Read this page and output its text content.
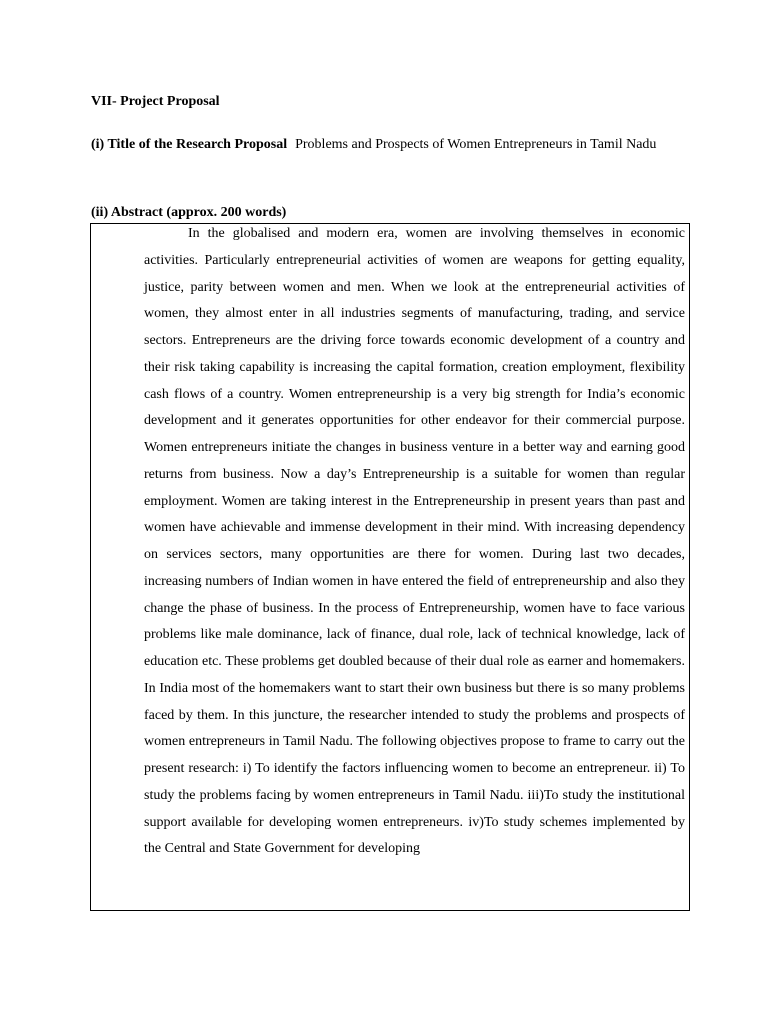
VII- Project Proposal
(i) Title of the Research Proposal Problems and Prospects of Women Entrepreneurs in Tamil Nadu
(ii) Abstract (approx. 200 words)

In the globalised and modern era, women are involving themselves in economic activities. Particularly entrepreneurial activities of women are weapons for getting equality, justice, parity between women and men. When we look at the entrepreneurial activities of women, they almost enter in all industries segments of manufacturing, trading, and service sectors. Entrepreneurs are the driving force towards economic development of a country and their risk taking capability is increasing the capital formation, creation employment, flexibility cash flows of a country. Women entrepreneurship is a very big strength for India’s economic development and it generates opportunities for other endeavor for their commercial purpose. Women entrepreneurs initiate the changes in business venture in a better way and earning good returns from business. Now a day’s Entrepreneurship is a suitable for women than regular employment. Women are taking interest in the Entrepreneurship in present years than past and women have achievable and immense development in their mind. With increasing dependency on services sectors, many opportunities are there for women. During last two decades, increasing numbers of Indian women in have entered the field of entrepreneurship and also they change the phase of business. In the process of Entrepreneurship, women have to face various problems like male dominance, lack of finance, dual role, lack of technical knowledge, lack of education etc. These problems get doubled because of their dual role as earner and homemakers. In India most of the homemakers want to start their own business but there is so many problems faced by them. In this juncture, the researcher intended to study the problems and prospects of women entrepreneurs in Tamil Nadu. The following objectives propose to frame to carry out the present research: i) To identify the factors influencing women to become an entrepreneur. ii) To study the problems facing by women entrepreneurs in Tamil Nadu. iii)To study the institutional support available for developing women entrepreneurs. iv)To study schemes implemented by the Central and State Government for developing
